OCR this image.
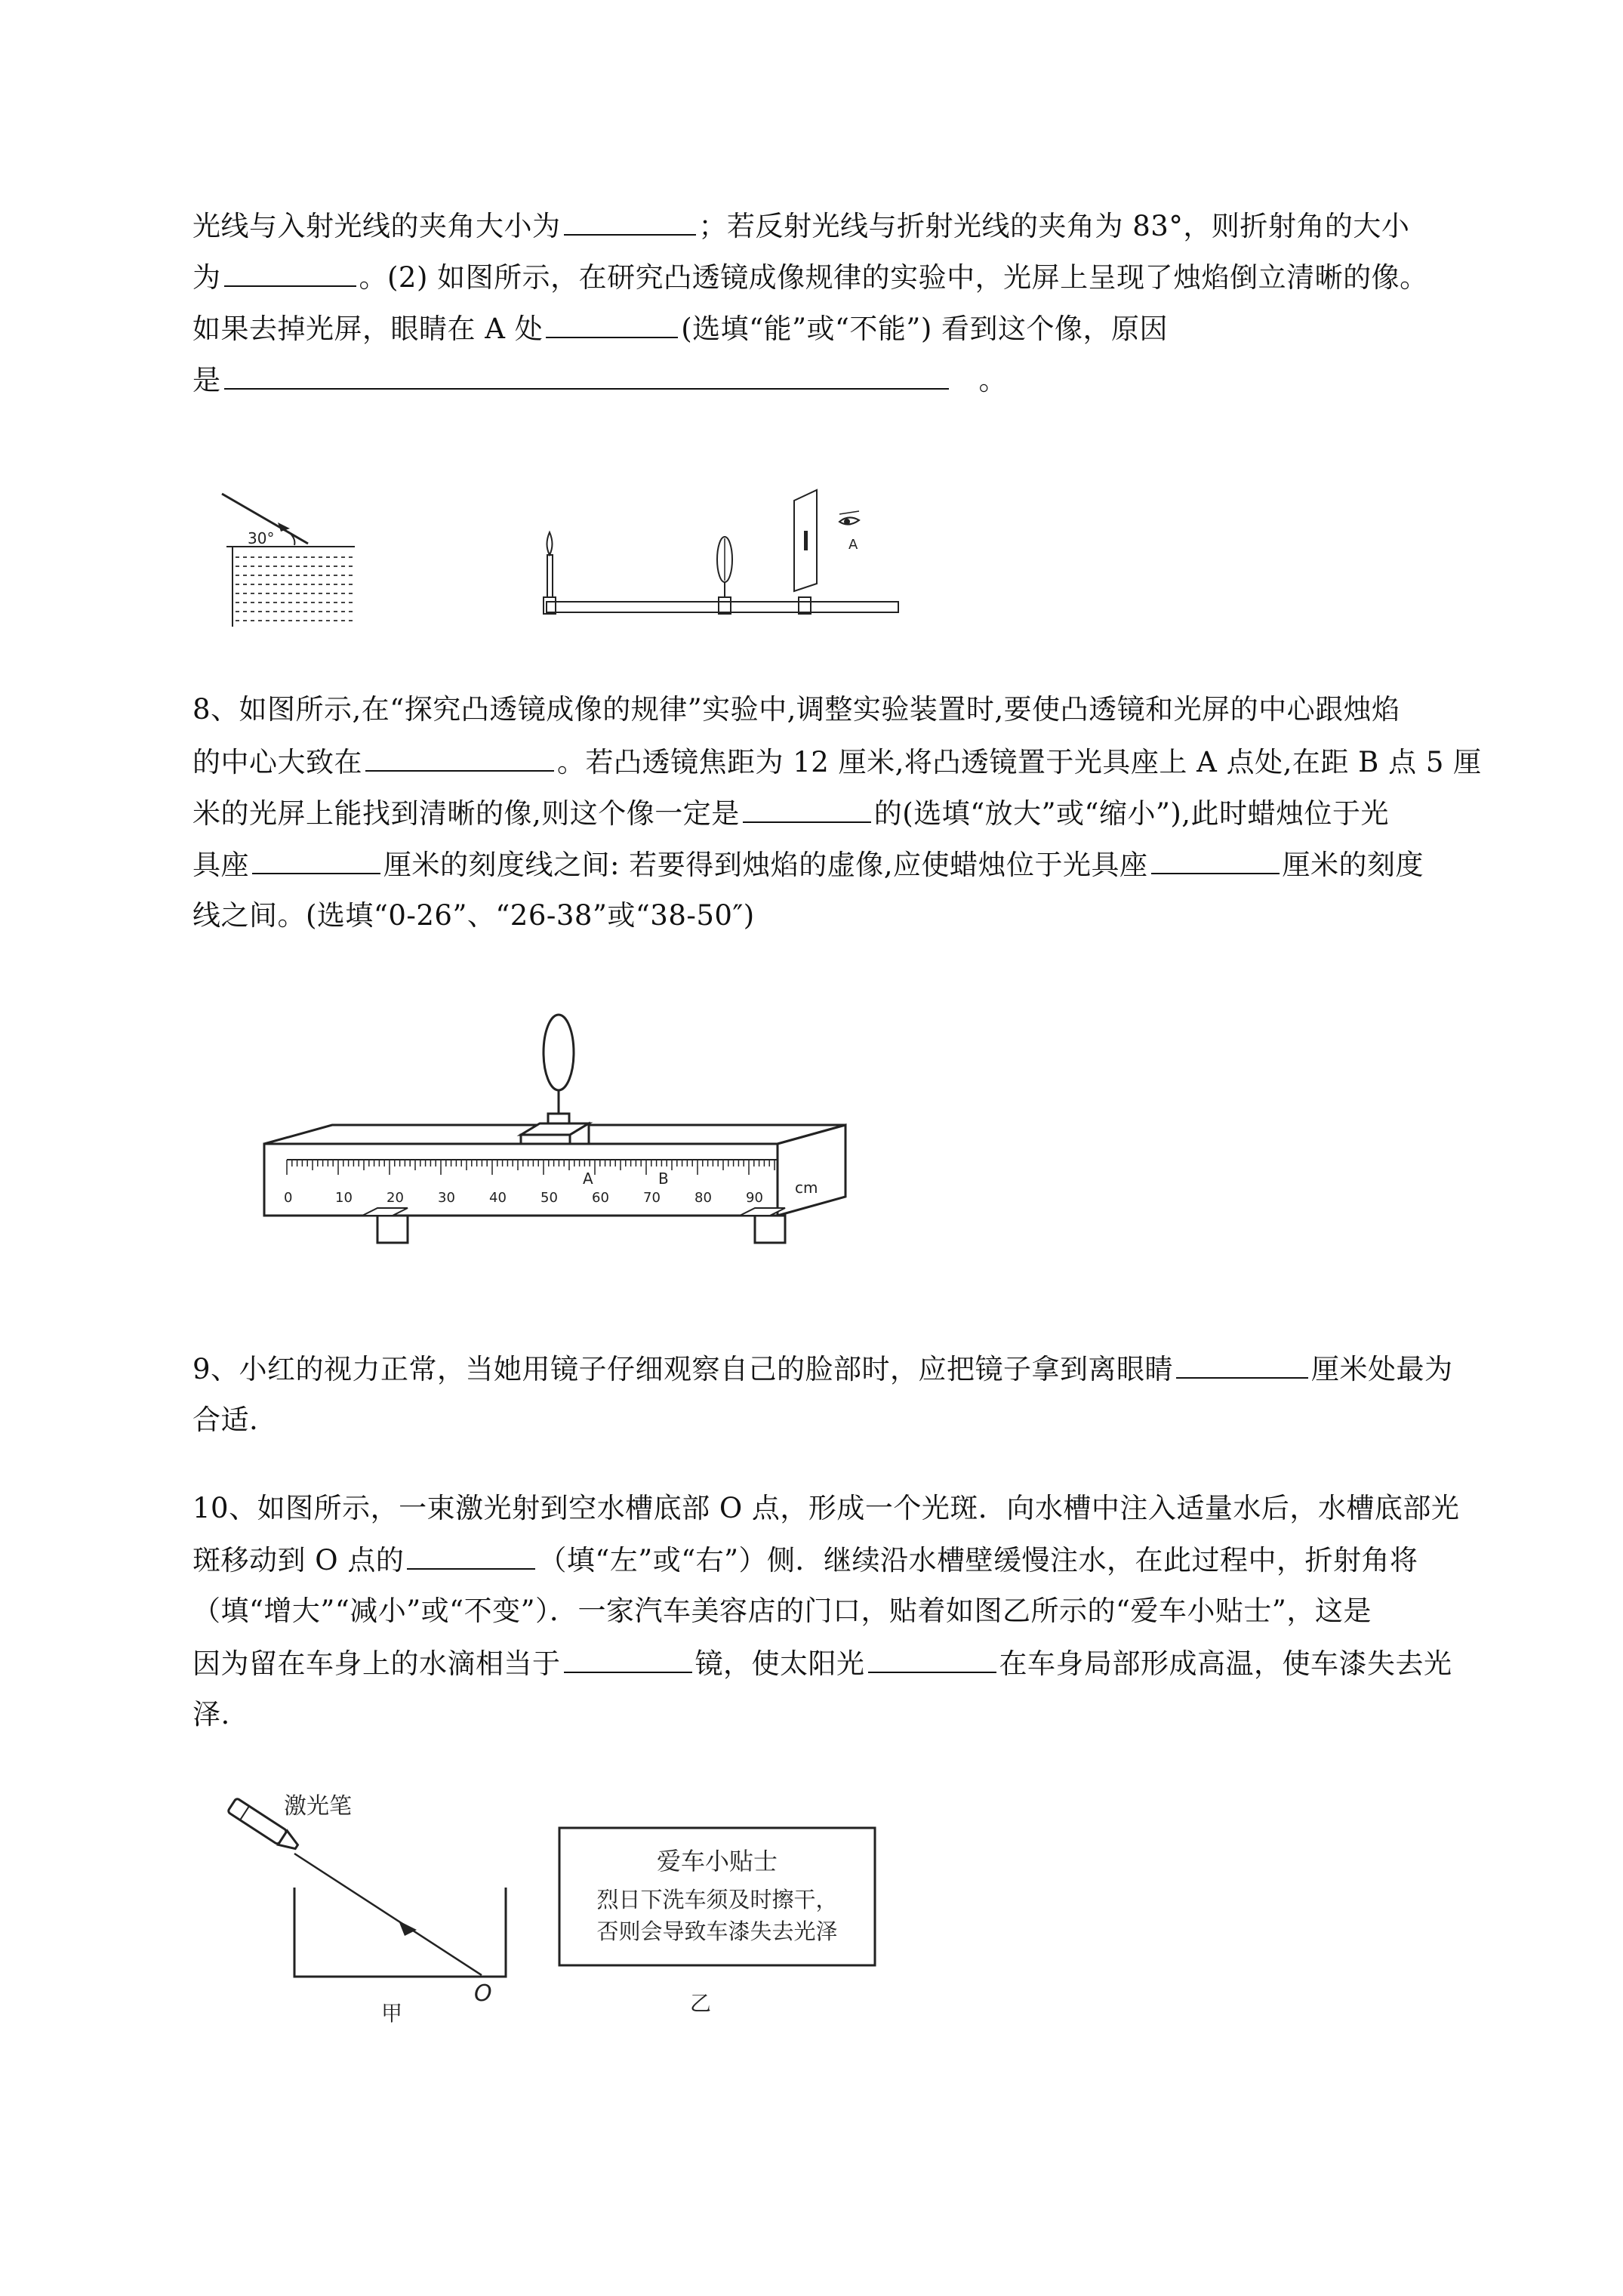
光线与入射光线的夹角大小为	；若反射光线与折射光线的夹角为 83°，则折射角的大小
为	。(2) 如图所示，在研究凸透镜成像规律的实验中，光屏上呈现了烛焰倒立清晰的像。
如果去掉光屏，眼睛在 A 处	(选填“能”或“不能”) 看到这个像，原因
是	。
30°	A
8、如图所示,在“探究凸透镜成像的规律”实验中,调整实验装置时,要使凸透镜和光屏的中心跟烛焰
的中心大致在	。若凸透镜焦距为 12 厘米,将凸透镜置于光具座上 A 点处,在距 B 点 5 厘
米的光屏上能找到清晰的像,则这个像一定是	的(选填“放大”或“缩小”),此时蜡烛位于光
具座	厘米的刻度线之间: 若要得到烛焰的虚像,应使蜡烛位于光具座	厘米的刻度
线之间。(选填“0-26”、“26-38”或“38-50″)
0	10	20	30	40	50	60	70	80	90
cm
A	B
9、小红的视力正常，当她用镜子仔细观察自己的脸部时，应把镜子拿到离眼睛	厘米处最为
合适.
10、如图所示，一束激光射到空水槽底部 O 点，形成一个光斑．向水槽中注入适量水后，水槽底部光
斑移动到 O 点的	（填“左”或“右”）侧．继续沿水槽壁缓慢注水，在此过程中，折射角将
（填“增大”“减小”或“不变”）．一家汽车美容店的门口，贴着如图乙所示的“爱车小贴士”，这是
因为留在车身上的水滴相当于	镜，使太阳光	在车身局部形成高温，使车漆失去光
泽.
激光笔
O
甲
爱车小贴士
烈日下洗车须及时擦干，
否则会导致车漆失去光泽
乙
